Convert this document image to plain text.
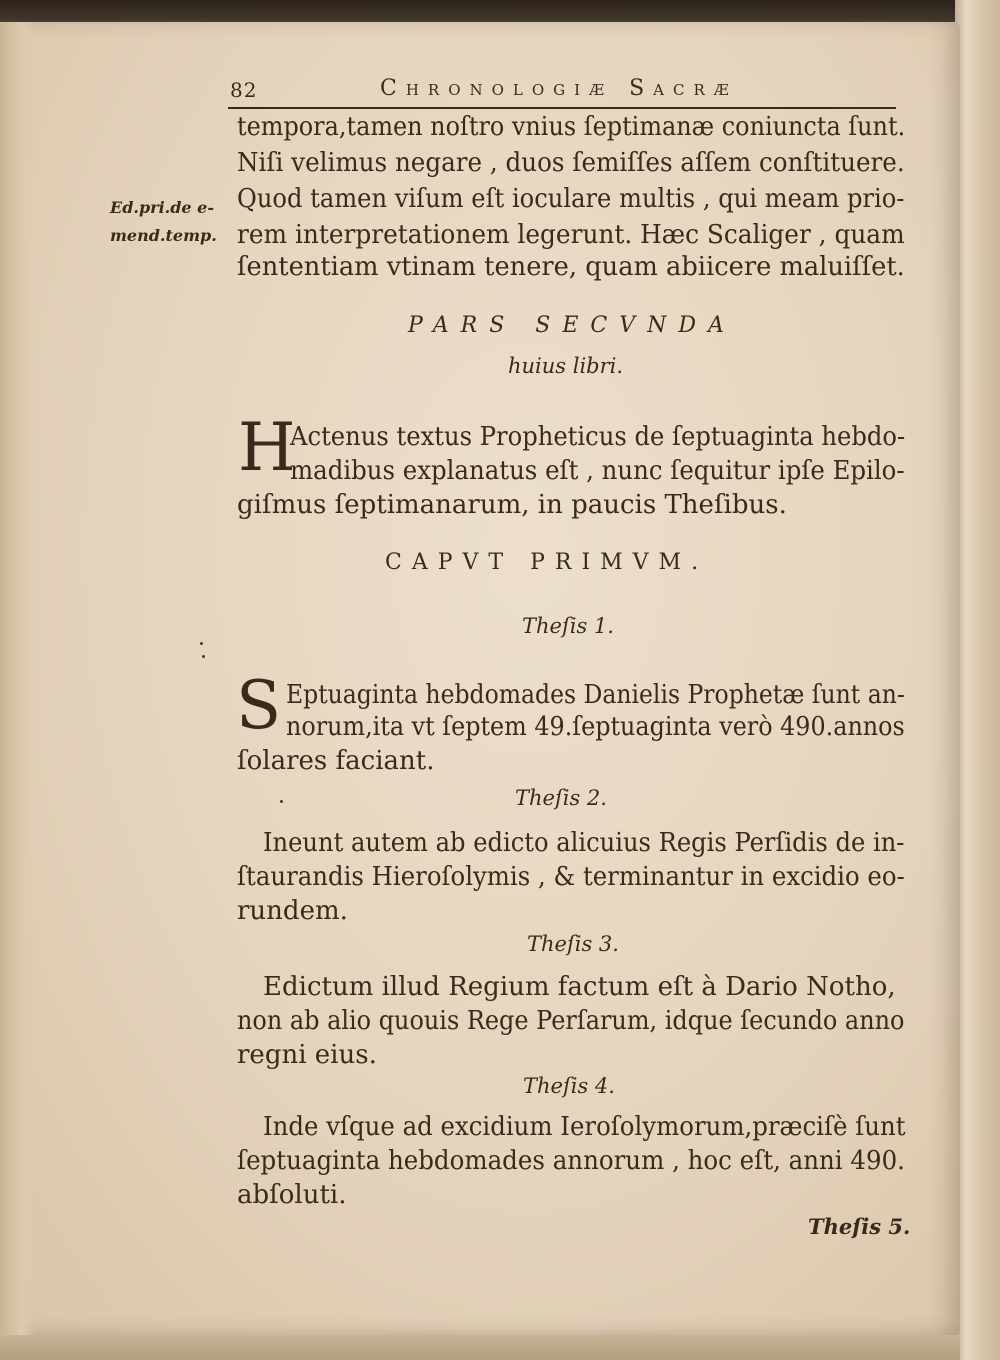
82	Chronologiæ Sacræ
tempora,tamen noſtro vnius ſeptimanæ coniuncta ſunt.
Niſi velimus negare , duos ſemiſſes aſſem conſtituere.
Quod tamen viſum eſt ioculare multis , qui meam prio-
rem interpretationem legerunt. Hæc Scaliger , quam
ſententiam vtinam tenere, quam abiicere maluiſſet.
Ed.pri.de e-
mend.temp.
PARS SECVNDA
huius libri.
H
Actenus textus Propheticus de ſeptuaginta hebdo-
madibus explanatus eſt , nunc ſequitur ipſe Epilo-
giſmus ſeptimanarum, in paucis Theſibus.
CAPVT PRIMVM.
Theſis 1.
S Eptuaginta hebdomades Danielis Prophetæ ſunt an-
norum,ita vt ſeptem 49.ſeptuaginta verò 490.annos
ſolares faciant.
Theſis 2.
Ineunt autem ab edicto alicuius Regis Perſidis de in-
ſtaurandis Hieroſolymis , & terminantur in excidio eo-
rundem.
Theſis 3.
Edictum illud Regium factum eſt à Dario Notho,
non ab alio quouis Rege Perſarum, idque ſecundo anno
regni eius.
Theſis 4.
Inde vſque ad excidium Ieroſolymorum,præciſè ſunt
ſeptuaginta hebdomades annorum , hoc eſt, anni 490.
abſoluti.
Theſis 5.
